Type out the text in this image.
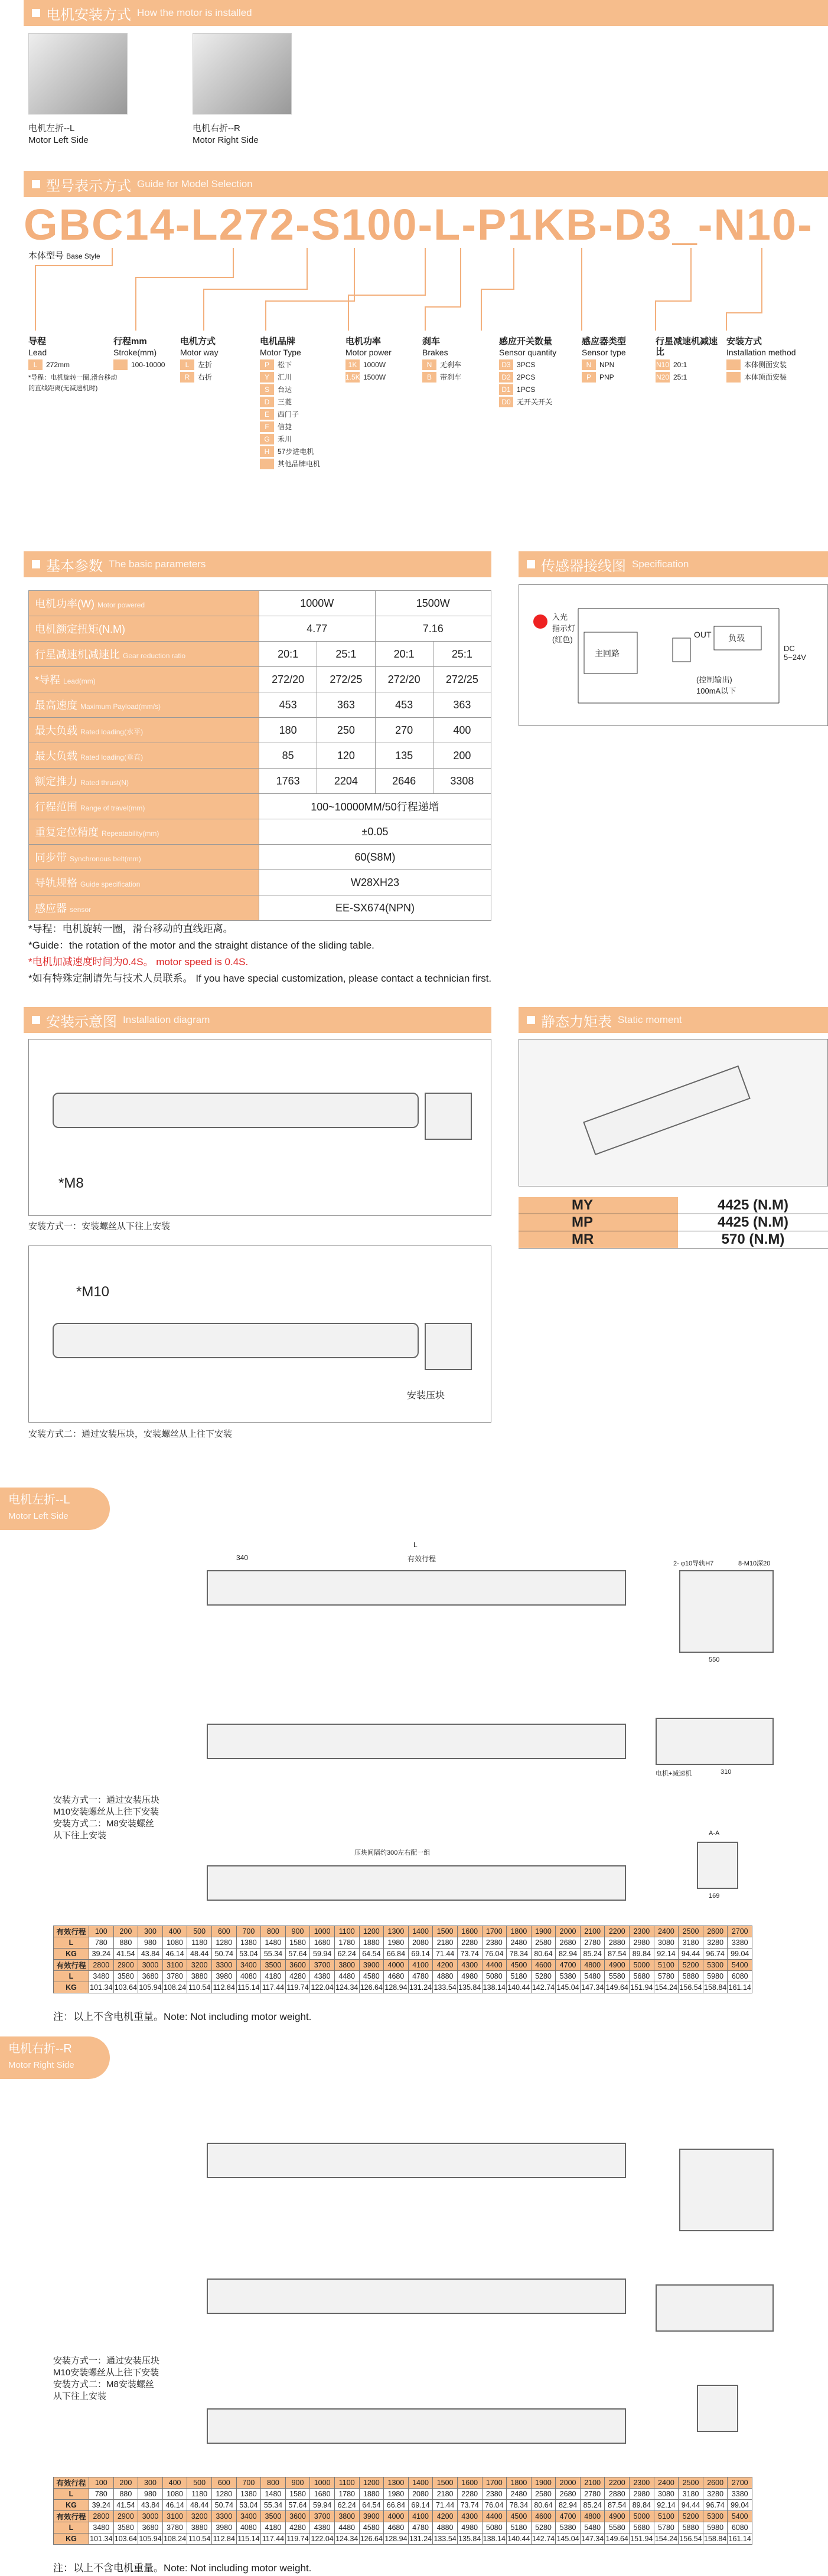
电机安装方式 How the motor is installed
电机左折--L
Motor Left Side
电机右折--R
Motor Right Side
型号表示方式 Guide for Model Selection
GBC14-L272-S100-L-P1KB-D3_-N10-
本体型号 Base Style
导程
Lead
L	272mm
*导程：电机旋转一圈,滑台移动的直线距离(无减速机时)
行程mm
Stroke(mm)
100-10000
电机方式
Motor way
L	左折
R	右折
电机品牌
Motor Type
P	松下
Y	汇川
S	台达
D	三菱
E	西门子
F	信捷
G	禾川
H	57步进电机
其他品牌电机
电机功率
Motor power
1K 1000W
1.5K 1500W
刹车
Brakes
N	无刹车
B	带刹车
感应开关数量
Sensor quantity
D3 3PCS
D2 2PCS
D1 1PCS
D0 无开关开关
感应器类型
Sensor type
N	NPN
P	PNP
行星减速机减速比
N10 20:1
N20 25:1
安装方式
Installation method
本体侧面安装
本体顶面安装
基本参数 The basic parameters
电机功率(W) Motor powered	1000W		1500W	
电机额定扭矩(N.M)	4.77		7.16	
行星减速机减速比 Gear reduction ratio	20:1	25:1	20:1	25:1
*导程 Lead(mm)	272/20	272/25	272/20	272/25
最高速度 Maximum Payload(mm/s)	453	363	453	363
最大负载 Rated loading(水平)	180	250	270	400
最大负载 Rated loading(垂直)	85	120	135	200
额定推力 Rated thrust(N)	1763	2204	2646	3308
行程范围 Range of travel(mm)	100~10000MM/50行程递增			
重复定位精度 Repeatability(mm)	±0.05			
同步带 Synchronous belt(mm)	60(S8M)			
导轨规格 Guide specification	W28XH23			
感应器 sensor	EE-SX674(NPN)			
*导程：电机旋转一圈，滑台移动的直线距离。
*Guide：the rotation of the motor and the straight distance of the sliding table.
*电机加减速度时间为0.4S。 motor speed is 0.4S.
*如有特殊定制请先与技术人员联系。 If you have special customization, please contact a technician first.
传感器接线图 Specification
入光
指示灯
(红色)
主回路
OUT 负载
(控制输出)
100mA以下
DC
5~24V
安装示意图 Installation diagram
*M8
安装方式一：安装螺丝从下往上安装
*M10
安装压块
安装方式二：通过安装压块，安装螺丝从上往下安装
静态力矩表 Static moment
MY	4425 (N.M)
MP	4425 (N.M)
MR	570 (N.M)
电机左折--L
Motor Left Side
安装方式一：通过安装压块
M10安装螺丝从上往下安装
安装方式二：M8安装螺丝
从下往上安装
340	有效行程
L
2- φ10导轨H7	8-M10深20
550
电机+减速机	310
压块间隔约300左右配一组
A-A
169
有效行程	100	200	300	400	500	600	700	800	900	1000	1100	1200	1300	1400	1500	1600	1700	1800	1900	2000	2100	2200	2300	2400	2500	2600	2700
L	780	880	980	1080	1180	1280	1380	1480	1580	1680	1780	1880	1980	2080	2180	2280	2380	2480	2580	2680	2780	2880	2980	3080	3180	3280	3380
KG	39.24	41.54	43.84	46.14	48.44	50.74	53.04	55.34	57.64	59.94	62.24	64.54	66.84	69.14	71.44	73.74	76.04	78.34	80.64	82.94	85.24	87.54	89.84	92.14	94.44	96.74	99.04
有效行程	2800	2900	3000	3100	3200	3300	3400	3500	3600	3700	3800	3900	4000	4100	4200	4300	4400	4500	4600	4700	4800	4900	5000	5100	5200	5300	5400
L	3480	3580	3680	3780	3880	3980	4080	4180	4280	4380	4480	4580	4680	4780	4880	4980	5080	5180	5280	5380	5480	5580	5680	5780	5880	5980	6080
KG	101.34	103.64	105.94	108.24	110.54	112.84	115.14	117.44	119.74	122.04	124.34	126.64	128.94	131.24	133.54	135.84	138.14	140.44	142.74	145.04	147.34	149.64	151.94	154.24	156.54	158.84	161.14
注：以上不含电机重量。Note: Not including motor weight.
电机右折--R
Motor Right Side
安装方式一：通过安装压块
M10安装螺丝从上往下安装
安装方式二：M8安装螺丝
从下往上安装
有效行程	100	200	300	400	500	600	700	800	900	1000	1100	1200	1300	1400	1500	1600	1700	1800	1900	2000	2100	2200	2300	2400	2500	2600	2700
L	780	880	980	1080	1180	1280	1380	1480	1580	1680	1780	1880	1980	2080	2180	2280	2380	2480	2580	2680	2780	2880	2980	3080	3180	3280	3380
KG	39.24	41.54	43.84	46.14	48.44	50.74	53.04	55.34	57.64	59.94	62.24	64.54	66.84	69.14	71.44	73.74	76.04	78.34	80.64	82.94	85.24	87.54	89.84	92.14	94.44	96.74	99.04
有效行程	2800	2900	3000	3100	3200	3300	3400	3500	3600	3700	3800	3900	4000	4100	4200	4300	4400	4500	4600	4700	4800	4900	5000	5100	5200	5300	5400
L	3480	3580	3680	3780	3880	3980	4080	4180	4280	4380	4480	4580	4680	4780	4880	4980	5080	5180	5280	5380	5480	5580	5680	5780	5880	5980	6080
KG	101.34	103.64	105.94	108.24	110.54	112.84	115.14	117.44	119.74	122.04	124.34	126.64	128.94	131.24	133.54	135.84	138.14	140.44	142.74	145.04	147.34	149.64	151.94	154.24	156.54	158.84	161.14
注：以上不含电机重量。Note: Not including motor weight.
